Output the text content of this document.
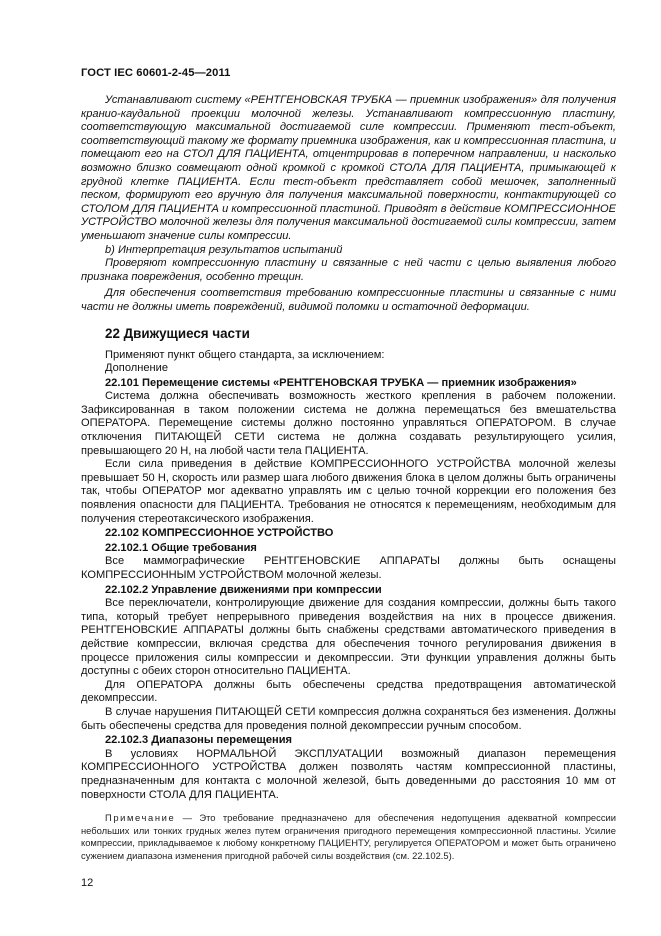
ГОСТ IEC 60601-2-45—2011

Устанавливают систему «РЕНТГЕНОВСКАЯ ТРУБКА — приемник изображения» для получения кранио-каудальной проекции молочной железы. Устанавливают компрессионную пластину, соответствующую максимальной достигаемой силе компрессии. Применяют тест-объект, соответствующий такому же формату приемника изображения, как и компрессионная пластина, и помещают его на СТОЛ ДЛЯ ПАЦИЕНТА, отцентрировав в поперечном направлении, и насколько возможно близко совмещают одной кромкой с кромкой СТОЛА ДЛЯ ПАЦИЕНТА, примыкающей к грудной клетке ПАЦИЕНТА. Если тест-объект представляет собой мешочек, заполненный песком, формируют его вручную для получения максимальной поверхности, контактирующей со СТОЛОМ ДЛЯ ПАЦИЕНТА и компрессионной пластиной. Приводят в действие КОМПРЕССИОННОЕ УСТРОЙСТВО молочной железы для получения максимальной достигаемой силы компрессии, затем уменьшают значение силы компрессии.

b) Интерпретация результатов испытаний

Проверяют компрессионную пластину и связанные с ней части с целью выявления любого признака повреждения, особенно трещин.

Для обеспечения соответствия требованию компрессионные пластины и связанные с ними части не должны иметь повреждений, видимой поломки и остаточной деформации.

22 Движущиеся части

Применяют пункт общего стандарта, за исключением:

Дополнение

22.101 Перемещение системы «РЕНТГЕНОВСКАЯ ТРУБКА — приемник изображения»

Система должна обеспечивать возможность жесткого крепления в рабочем положении. Зафиксированная в таком положении система не должна перемещаться без вмешательства ОПЕРАТОРА. Перемещение системы должно постоянно управляться ОПЕРАТОРОМ. В случае отключения ПИТАЮЩЕЙ СЕТИ система не должна создавать результирующего усилия, превышающего 20 Н, на любой части тела ПАЦИЕНТА.

Если сила приведения в действие КОМПРЕССИОННОГО УСТРОЙСТВА молочной железы превышает 50 Н, скорость или размер шага любого движения блока в целом должны быть ограничены так, чтобы ОПЕРАТОР мог адекватно управлять им с целью точной коррекции его положения без появления опасности для ПАЦИЕНТА. Требования не относятся к перемещениям, необходимым для получения стереотаксического изображения.

22.102 КОМПРЕССИОННОЕ УСТРОЙСТВО
22.102.1 Общие требования

Все маммографические РЕНТГЕНОВСКИЕ АППАРАТЫ должны быть оснащены КОМПРЕССИОННЫМ УСТРОЙСТВОМ молочной железы.

22.102.2 Управление движениями при компрессии

Все переключатели, контролирующие движение для создания компрессии, должны быть такого типа, который требует непрерывного приведения воздействия на них в процессе движения. РЕНТГЕНОВСКИЕ АППАРАТЫ должны быть снабжены средствами автоматического приведения в действие компрессии, включая средства для обеспечения точного регулирования движения в процессе приложения силы компрессии и декомпрессии. Эти функции управления должны быть доступны с обеих сторон относительно ПАЦИЕНТА.

Для ОПЕРАТОРА должны быть обеспечены средства предотвращения автоматической декомпрессии.

В случае нарушения ПИТАЮЩЕЙ СЕТИ компрессия должна сохраняться без изменения. Должны быть обеспечены средства для проведения полной декомпрессии ручным способом.

22.102.3 Диапазоны перемещения

В условиях НОРМАЛЬНОЙ ЭКСПЛУАТАЦИИ возможный диапазон перемещения КОМПРЕССИОННОГО УСТРОЙСТВА должен позволять частям компрессионной пластины, предназначенным для контакта с молочной железой, быть доведенными до расстояния 10 мм от поверхности СТОЛА ДЛЯ ПАЦИЕНТА.

Примечание — Это требование предназначено для обеспечения недопущения адекватной компрессии небольших или тонких грудных желез путем ограничения пригодного перемещения компрессионной пластины. Усилие компрессии, прикладываемое к любому конкретному ПАЦИЕНТУ, регулируется ОПЕРАТОРОМ и может быть ограничено сужением диапазона изменения пригодной рабочей силы воздействия (см. 22.102.5).

12
